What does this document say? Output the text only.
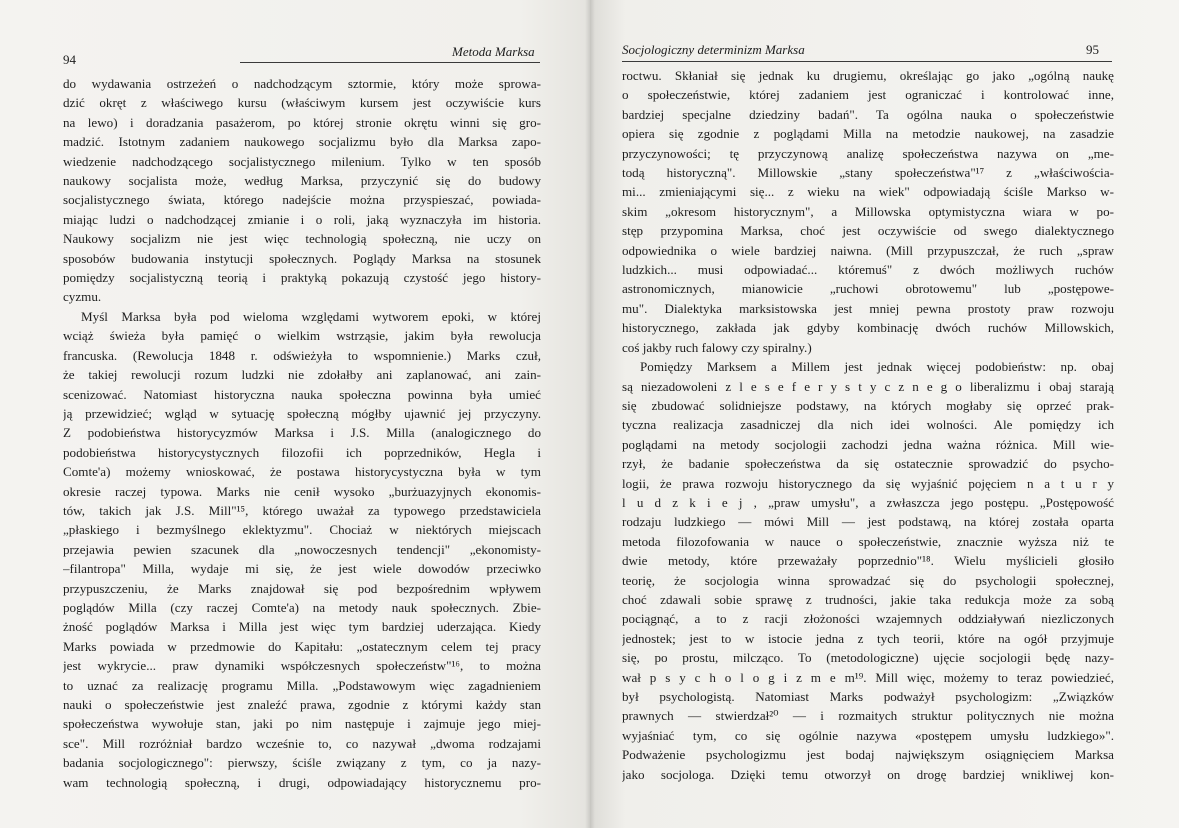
94
Metoda Marksa
do wydawania ostrzeżeń o nadchodzącym sztormie, który może sprowa-
dzić okręt z właściwego kursu (właściwym kursem jest oczywiście kurs
na lewo) i doradzania pasażerom, po której stronie okrętu winni się gro-
madzić. Istotnym zadaniem naukowego socjalizmu było dla Marksa zapo-
wiedzenie nadchodzącego socjalistycznego milenium. Tylko w ten sposób
naukowy socjalista może, według Marksa, przyczynić się do budowy
socjalistycznego świata, którego nadejście można przyspieszać, powiada-
miając ludzi o nadchodzącej zmianie i o roli, jaką wyznaczyła im historia.
Naukowy socjalizm nie jest więc technologią społeczną, nie uczy on
sposobów budowania instytucji społecznych. Poglądy Marksa na stosunek
pomiędzy socjalistyczną teorią i praktyką pokazują czystość jego history-
cyzmu.
Myśl Marksa była pod wieloma względami wytworem epoki, w której
wciąż świeża była pamięć o wielkim wstrząsie, jakim była rewolucja
francuska. (Rewolucja 1848 r. odświeżyła to wspomnienie.) Marks czuł,
że takiej rewolucji rozum ludzki nie zdołałby ani zaplanować, ani zain-
scenizować. Natomiast historyczna nauka społeczna powinna była umieć
ją przewidzieć; wgląd w sytuację społeczną mógłby ujawnić jej przyczyny.
Z podobieństwa historycyzmów Marksa i J.S. Milla (analogicznego do
podobieństwa historycystycznych filozofii ich poprzedników, Hegla i
Comte'a) możemy wnioskować, że postawa historycystyczna była w tym
okresie raczej typowa. Marks nie cenił wysoko „burżuazyjnych ekonomis-
tów, takich jak J.S. Mill"¹⁵, którego uważał za typowego przedstawiciela
„płaskiego i bezmyślnego eklektyzmu". Chociaż w niektórych miejscach
przejawia pewien szacunek dla „nowoczesnych tendencji" „ekonomisty-
–filantropa" Milla, wydaje mi się, że jest wiele dowodów przeciwko
przypuszczeniu, że Marks znajdował się pod bezpośrednim wpływem
poglądów Milla (czy raczej Comte'a) na metody nauk społecznych. Zbie-
żność poglądów Marksa i Milla jest więc tym bardziej uderzająca. Kiedy
Marks powiada w przedmowie do Kapitału: „ostatecznym celem tej pracy
jest wykrycie... praw dynamiki współczesnych społeczeństw"¹⁶, to można
to uznać za realizację programu Milla. „Podstawowym więc zagadnieniem
nauki o społeczeństwie jest znaleźć prawa, zgodnie z którymi każdy stan
społeczeństwa wywołuje stan, jaki po nim następuje i zajmuje jego miej-
sce". Mill rozróżniał bardzo wcześnie to, co nazywał „dwoma rodzajami
badania socjologicznego": pierwszy, ściśle związany z tym, co ja nazy-
wam technologią społeczną, i drugi, odpowiadający historycznemu pro-
Socjologiczny determinizm Marksa	95
roctwu. Skłaniał się jednak ku drugiemu, określając go jako „ogólną naukę
o społeczeństwie, której zadaniem jest ograniczać i kontrolować inne,
bardziej specjalne dziedziny badań". Ta ogólna nauka o społeczeństwie
opiera się zgodnie z poglądami Milla na metodzie naukowej, na zasadzie
przyczynowości; tę przyczynową analizę społeczeństwa nazywa on „me-
todą historyczną". Millowskie „stany społeczeństwa"¹⁷ z „właściwościa-
mi... zmieniającymi się... z wieku na wiek" odpowiadają ściśle Markso w-
skim „okresom historycznym", a Millowska optymistyczna wiara w po-
stęp przypomina Marksa, choć jest oczywiście od swego dialektycznego
odpowiednika o wiele bardziej naiwna. (Mill przypuszczał, że ruch „spraw
ludzkich... musi odpowiadać... któremuś" z dwóch możliwych ruchów
astronomicznych, mianowicie „ruchowi obrotowemu" lub „postępowe-
mu". Dialektyka marksistowska jest mniej pewna prostoty praw rozwoju
historycznego, zakłada jak gdyby kombinację dwóch ruchów Millowskich,
coś jakby ruch falowy czy spiralny.)
Pomiędzy Marksem a Millem jest jednak więcej podobieństw: np. obaj
są niezadowoleni z l e s e f e r y s t y c z n e g o liberalizmu i obaj starają
się zbudować solidniejsze podstawy, na których mogłaby się oprzeć prak-
tyczna realizacja zasadniczej dla nich idei wolności. Ale pomiędzy ich
poglądami na metody socjologii zachodzi jedna ważna różnica. Mill wie-
rzył, że badanie społeczeństwa da się ostatecznie sprowadzić do psycho-
logii, że prawa rozwoju historycznego da się wyjaśnić pojęciem n a t u r y
l u d z k i e j , „praw umysłu", a zwłaszcza jego postępu. „Postępowość
rodzaju ludzkiego — mówi Mill — jest podstawą, na której została oparta
metoda filozofowania w nauce o społeczeństwie, znacznie wyższa niż te
dwie metody, które przeważały poprzednio"¹⁸. Wielu myślicieli głosiło
teorię, że socjologia winna sprowadzać się do psychologii społecznej,
choć zdawali sobie sprawę z trudności, jakie taka redukcja może za sobą
pociągnąć, a to z racji złożoności wzajemnych oddziaływań niezliczonych
jednostek; jest to w istocie jedna z tych teorii, które na ogół przyjmuje
się, po prostu, milcząco. To (metodologiczne) ujęcie socjologii będę nazy-
wał p s y c h o l o g i z m e m¹⁹. Mill więc, możemy to teraz powiedzieć,
był psychologistą. Natomiast Marks podważył psychologizm: „Związków
prawnych — stwierdzał²⁰ — i rozmaitych struktur politycznych nie można
wyjaśniać tym, co się ogólnie nazywa «postępem umysłu ludzkiego»".
Podważenie psychologizmu jest bodaj największym osiągnięciem Marksa
jako socjologa. Dzięki temu otworzył on drogę bardziej wnikliwej kon-
